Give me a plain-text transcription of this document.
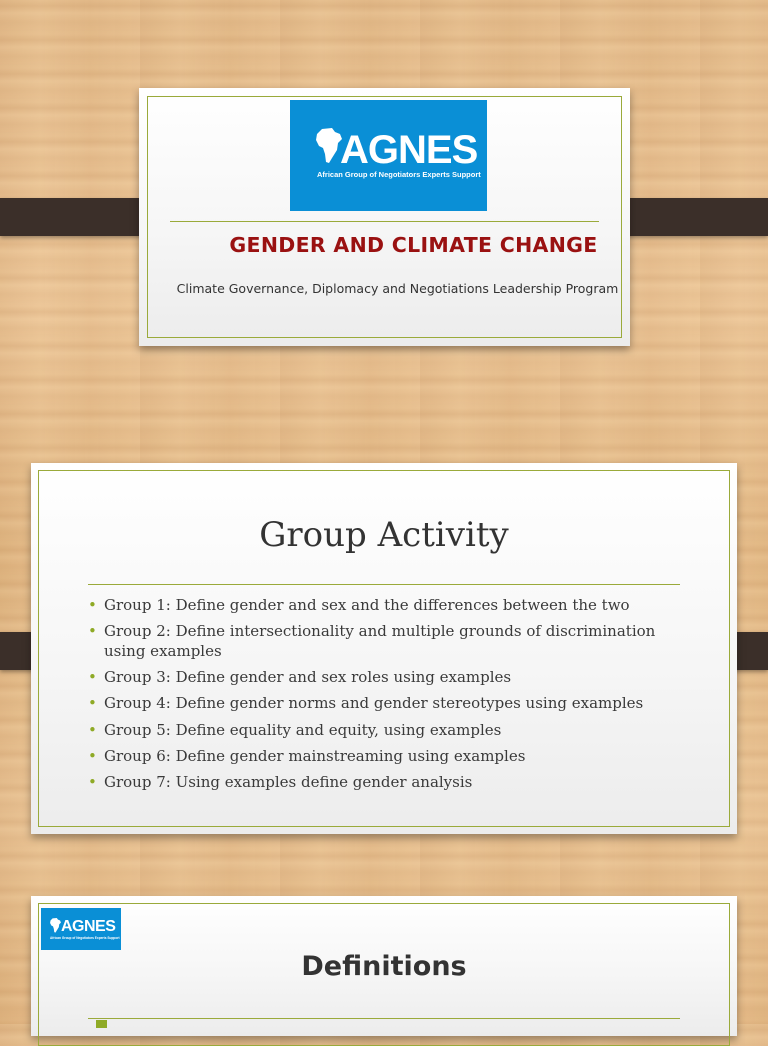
AGNES
African Group of Negotiators Experts Support
GENDER AND CLIMATE CHANGE
Climate Governance, Diplomacy and Negotiations Leadership Program
Group Activity
• Group 1: Define gender and sex and the differences between the two
• Group 2: Define intersectionality and multiple grounds of discrimination using examples
• Group 3: Define gender and sex roles using examples
• Group 4: Define gender norms and gender stereotypes using examples
• Group 5: Define equality and equity, using examples
• Group 6: Define gender mainstreaming using examples
• Group 7: Using examples define gender analysis
AGNES
African Group of Negotiators Experts Support
Definitions
